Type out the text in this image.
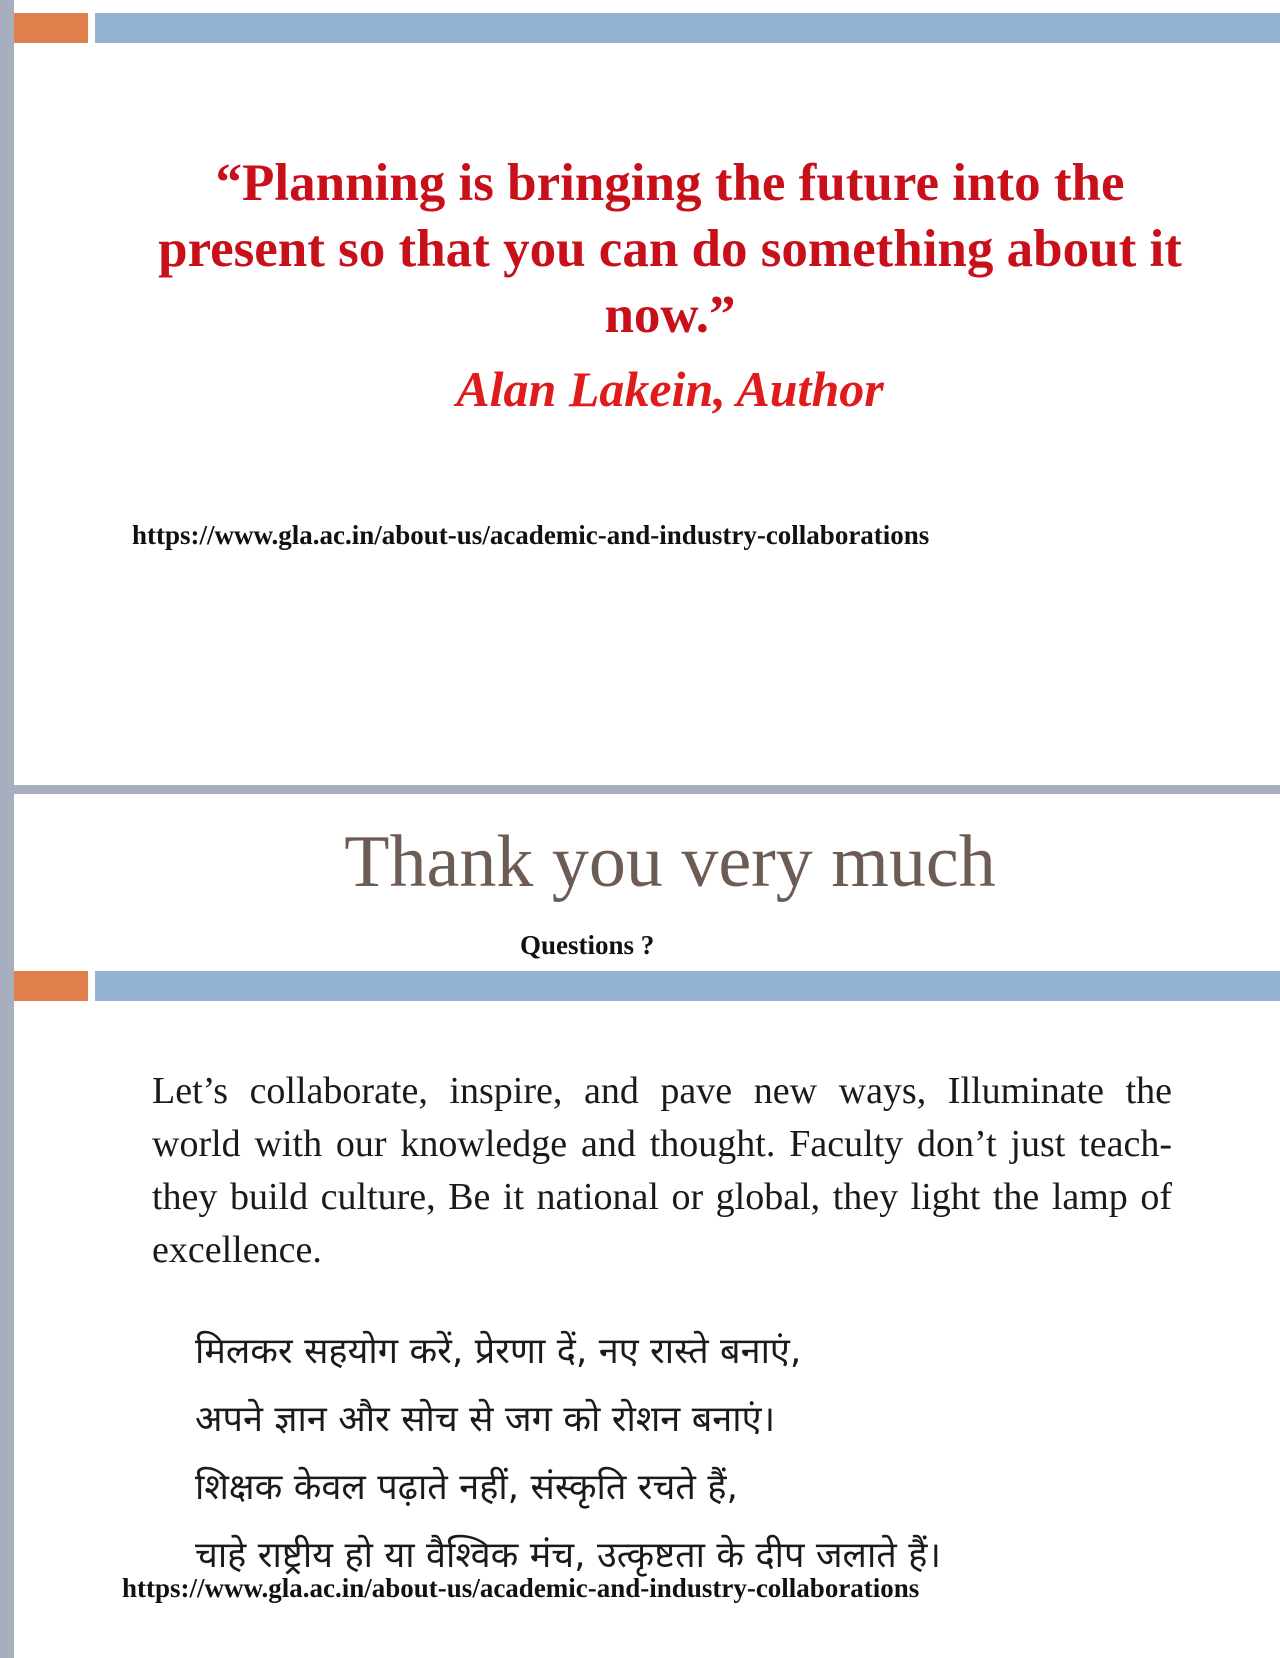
“Planning is bringing the future into the present so that you can do something about it now.”
Alan Lakein, Author
https://www.gla.ac.in/about-us/academic-and-industry-collaborations
Thank you very much
Questions ?
Let’s collaborate, inspire, and pave new ways, Illuminate the world with our knowledge and thought. Faculty don’t just teach-they build culture, Be it national or global, they light the lamp of excellence.
मिलकर सहयोग करें, प्रेरणा दें, नए रास्ते बनाएं,
अपने ज्ञान और सोच से जग को रोशन बनाएं।
शिक्षक केवल पढ़ाते नहीं, संस्कृति रचते हैं,
चाहे राष्ट्रीय हो या वैश्विक मंच, उत्कृष्टता के दीप जलाते हैं।
https://www.gla.ac.in/about-us/academic-and-industry-collaborations
